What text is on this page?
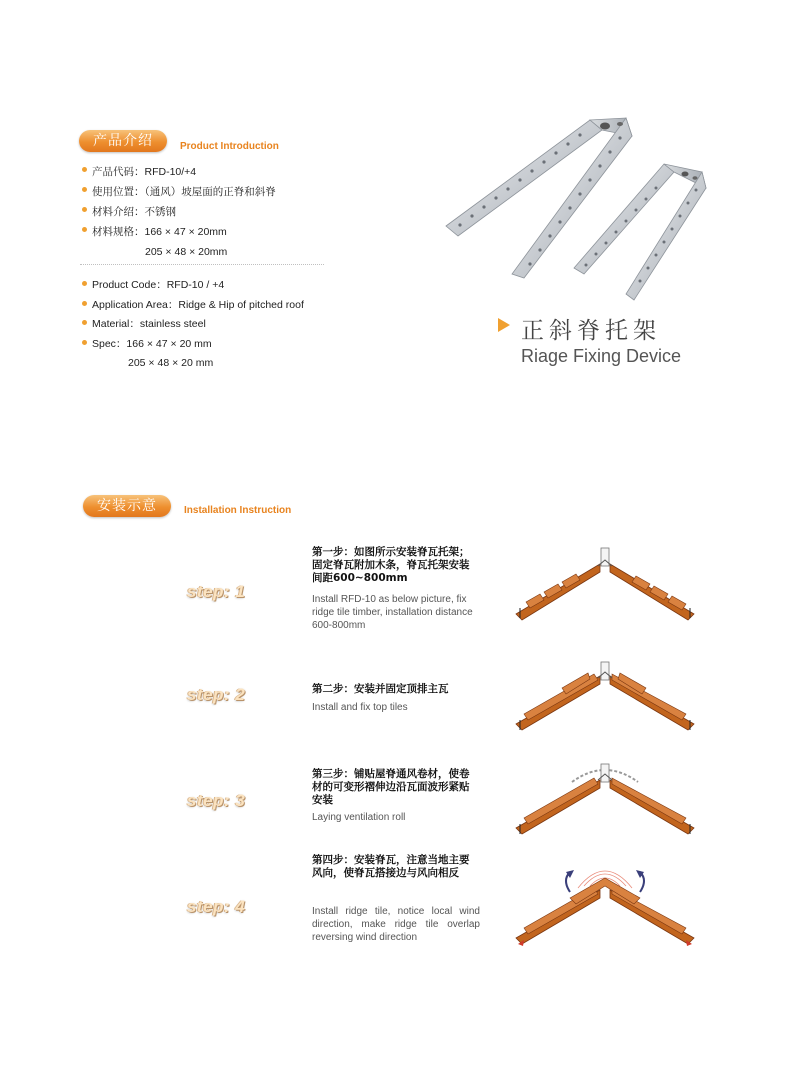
产品介绍	Product Introduction
产品代码：RFD-10/+4
使用位置：（通风）坡屋面的正脊和斜脊
材料介绍：不锈钢
材料规格：166 × 47 × 20mm
205 × 48 × 20mm
Product Code：RFD-10 / +4
Application Area：Ridge & Hip of pitched roof
Material：stainless steel
Spec：166 × 47 × 20 mm
205 × 48 × 20 mm
正斜脊托架
Riage Fixing Device
安装示意	Installation Instruction
step: 1
第一步：如图所示安装脊瓦托架；固定脊瓦附加木条，脊瓦托架安装间距600~800mm
Install RFD-10 as below picture, fix ridge tile timber, installation distance 600-800mm
step: 2	第二步：安装并固定顶排主瓦
Install and fix top tiles
step: 3
第三步：铺贴屋脊通风卷材，使卷材的可变形褶伸边沿瓦面波形紧贴安装
Laying ventilation roll
step: 4
第四步：安装脊瓦，注意当地主要风向，使脊瓦搭接边与风向相反
Install ridge tile, notice local wind direction, make ridge tile overlap reversing wind direction
